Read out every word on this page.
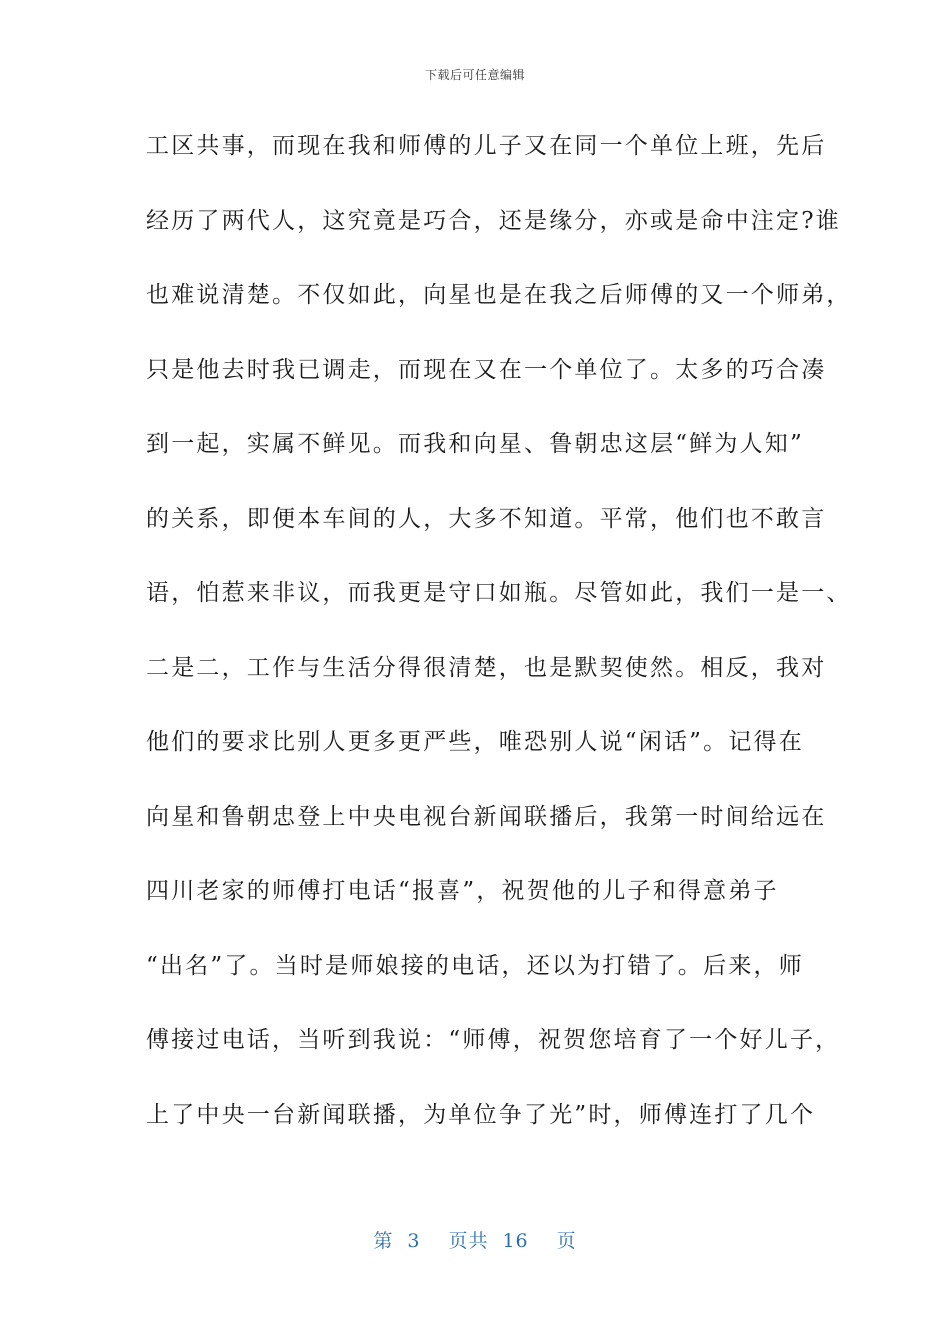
下载后可任意编辑
工区共事，而现在我和师傅的儿子又在同一个单位上班，先后
经历了两代人，这究竟是巧合，还是缘分，亦或是命中注定?谁
也难说清楚。不仅如此，向星也是在我之后师傅的又一个师弟，
只是他去时我已调走，而现在又在一个单位了。太多的巧合凑
到一起，实属不鲜见。而我和向星、鲁朝忠这层“鲜为人知”
的关系，即便本车间的人，大多不知道。平常，他们也不敢言
语，怕惹来非议，而我更是守口如瓶。尽管如此，我们一是一、
二是二，工作与生活分得很清楚，也是默契使然。相反，我对
他们的要求比别人更多更严些，唯恐别人说“闲话”。记得在
向星和鲁朝忠登上中央电视台新闻联播后，我第一时间给远在
四川老家的师傅打电话“报喜”，祝贺他的儿子和得意弟子
“出名”了。当时是师娘接的电话，还以为打错了。后来，师
傅接过电话，当听到我说：“师傅，祝贺您培育了一个好儿子，
上了中央一台新闻联播，为单位争了光”时，师傅连打了几个
第 3 页共 16 页
